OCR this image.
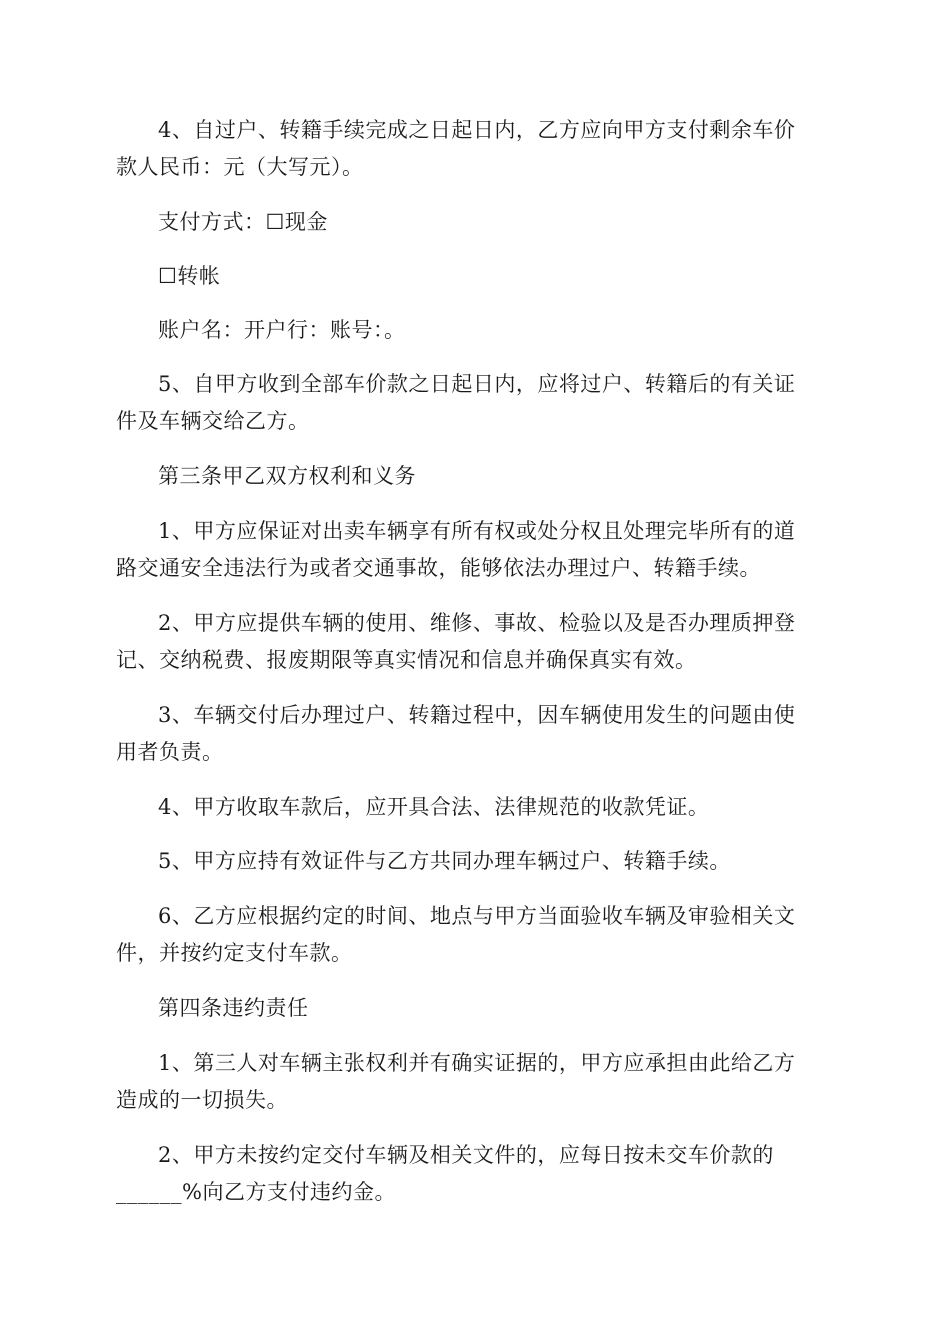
4、自过户、转籍手续完成之日起日内，乙方应向甲方支付剩余车价
款人民币：元（大写元）。

支付方式：☐现金

☐转帐

账户名：开户行：账号：。

5、自甲方收到全部车价款之日起日内，应将过户、转籍后的有关证
件及车辆交给乙方。

第三条甲乙双方权利和义务

1、甲方应保证对出卖车辆享有所有权或处分权且处理完毕所有的道
路交通安全违法行为或者交通事故，能够依法办理过户、转籍手续。

2、甲方应提供车辆的使用、维修、事故、检验以及是否办理质押登
记、交纳税费、报废期限等真实情况和信息并确保真实有效。

3、车辆交付后办理过户、转籍过程中，因车辆使用发生的问题由使
用者负责。

4、甲方收取车款后，应开具合法、法律规范的收款凭证。

5、甲方应持有效证件与乙方共同办理车辆过户、转籍手续。

6、乙方应根据约定的时间、地点与甲方当面验收车辆及审验相关文
件，并按约定支付车款。

第四条违约责任

1、第三人对车辆主张权利并有确实证据的，甲方应承担由此给乙方
造成的一切损失。

2、甲方未按约定交付车辆及相关文件的，应每日按未交车价款的
______%向乙方支付违约金。
